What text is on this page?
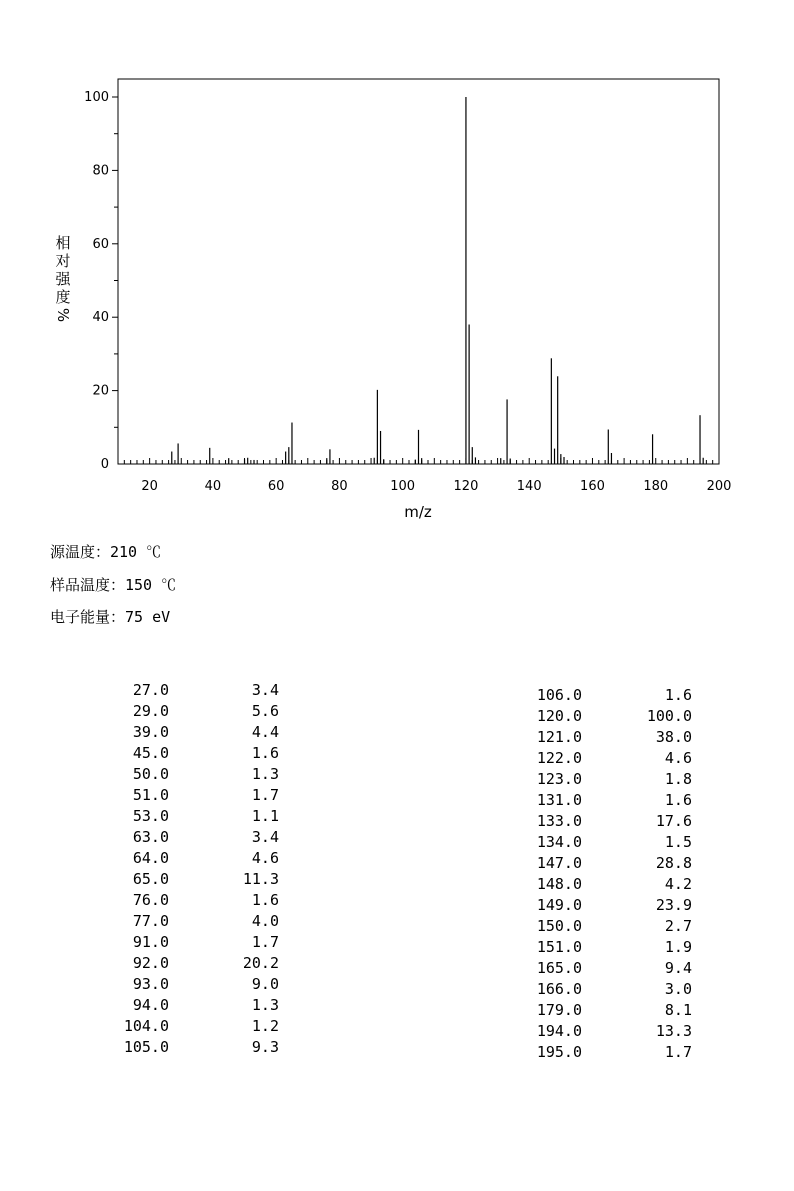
20	40	60	80	100	120	140	160	180	200
0
20
40
60
80
100
m/z
相
对
强
度
%
源温度：210 ℃
样品温度：150 ℃
电子能量：75 eV
27.0	3.4
29.0	5.6
39.0	4.4
45.0	1.6
50.0	1.3
51.0	1.7
53.0	1.1
63.0	3.4
64.0	4.6
65.0	11.3
76.0	1.6
77.0	4.0
91.0	1.7
92.0	20.2
93.0	9.0
94.0	1.3
104.0	1.2
105.0	9.3
106.0	1.6
120.0	100.0
121.0	38.0
122.0	4.6
123.0	1.8
131.0	1.6
133.0	17.6
134.0	1.5
147.0	28.8
148.0	4.2
149.0	23.9
150.0	2.7
151.0	1.9
165.0	9.4
166.0	3.0
179.0	8.1
194.0	13.3
195.0	1.7
